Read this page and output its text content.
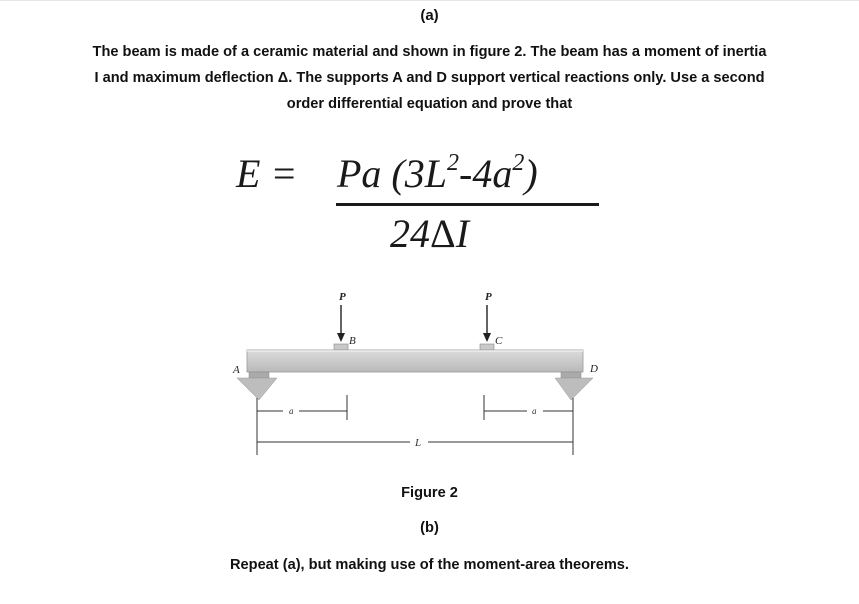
(a)
The beam is made of a ceramic material and shown in figure 2. The beam has a moment of inertia
I and maximum deflection Δ. The supports A and D support vertical reactions only. Use a second
order differential equation and prove that
E = Pa $(3L^2-4a^2)$
24ΔI
P	P
B	C
A	D
a	a
L
Figure 2
(b)
Repeat (a), but making use of the moment-area theorems.
